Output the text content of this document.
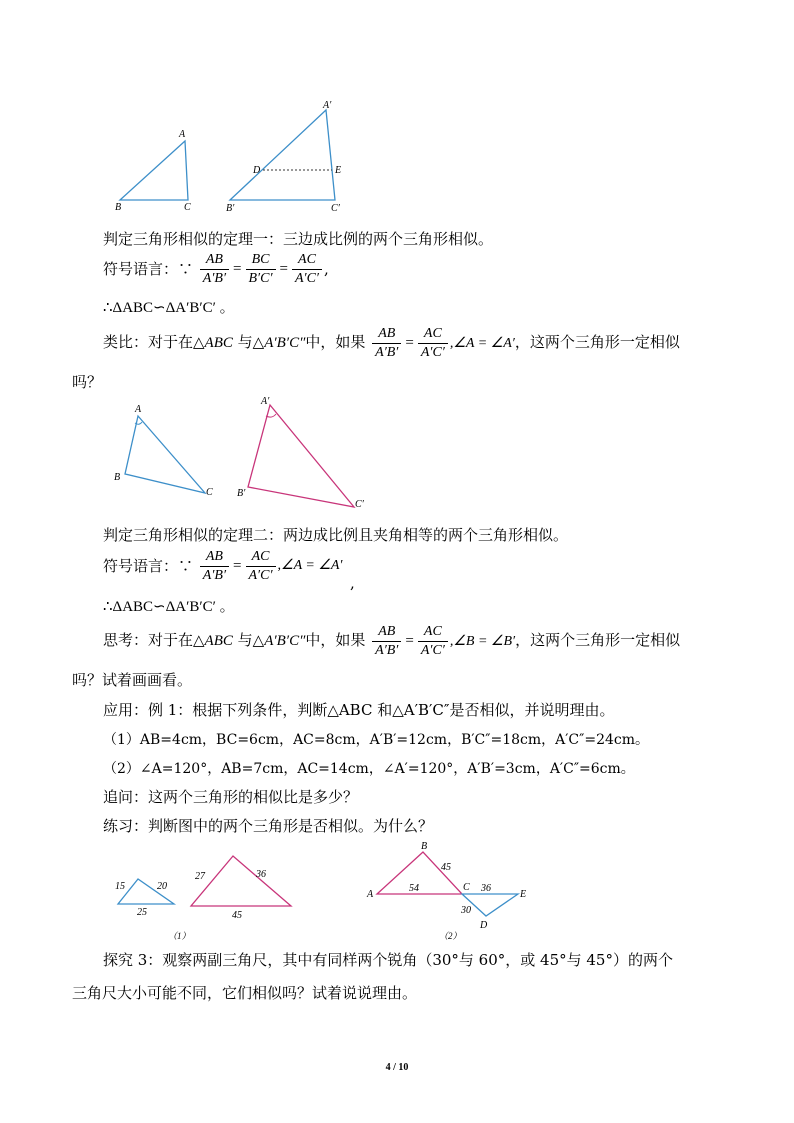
A
B	C
A′
D	E
B′	C′
判定三角形相似的定理一：三边成比例的两个三角形相似。
符号语言：∵ $\frac{AB}{A'B'} = \frac{BC}{B'C'} = \frac{AC}{A'C'}$ ,
∴ΔABC∽ΔA′B′C′ 。
类比：对于在△ABC 与△A′B′C″中，如果 $\frac{AB}{A'B'} = \frac{AC}{A'C'}$ ,∠A = ∠A′，这两个三角形一定相似
吗？
A
B
C
A′
B′
C′
判定三角形相似的定理二：两边成比例且夹角相等的两个三角形相似。
符号语言：∵ $\frac{AB}{A'B'} = \frac{AC}{A'C'}$ ,∠A = ∠A′
,
∴ΔABC∽ΔA′B′C′ 。
思考：对于在△ABC 与△A′B′C″中，如果 $\frac{AB}{A'B'} = \frac{AC}{A'C'}$ ,∠B = ∠B′，这两个三角形一定相似
吗？试着画画看。
应用：例 1：根据下列条件，判断△ABC 和△A′B′C″是否相似，并说明理由。
（1）AB=4cm，BC=6cm，AC=8cm，A′B′=12cm，B′C″=18cm，A′C″=24cm。
（2）∠A=120°，AB=7cm，AC=14cm，∠A′=120°，A′B′=3cm，A′C″=6cm。
追问：这两个三角形的相似比是多少？
练习：判断图中的两个三角形是否相似。为什么？
15	20
25
27	36
45
（1）
B
A
C
E
D
45
54	36
30
（2）
探究 3：观察两副三角尺，其中有同样两个锐角（30°与 60°，或 45°与 45°）的两个
三角尺大小可能不同，它们相似吗？试着说说理由。
4 / 10
